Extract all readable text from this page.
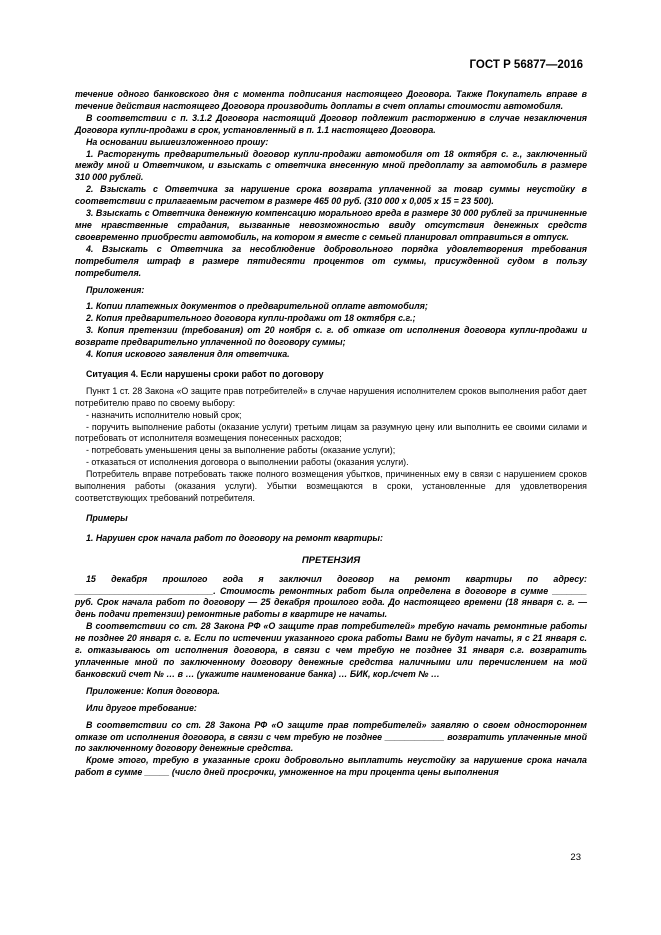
ГОСТ Р 56877—2016

течение одного банковского дня с момента подписания настоящего Договора. Также Покупатель вправе в течение действия настоящего Договора производить доплаты в счет оплаты стоимости автомобиля.

В соответствии с п. 3.1.2 Договора настоящий Договор подлежит расторжению в случае незаключения Договора купли-продажи в срок, установленный в п. 1.1 настоящего Договора.

На основании вышеизложенного прошу:

1. Расторгнуть предварительный договор купли-продажи автомобиля от 18 октября с. г., заключенный между мной и Ответчиком, и взыскать с ответчика внесенную мной предоплату за автомобиль в размере 310 000 рублей.

2. Взыскать с Ответчика за нарушение срока возврата уплаченной за товар суммы неустойку в соответствии с прилагаемым расчетом в размере 465 00 руб. (310 000 х 0,005 х 15 = 23 500).

3. Взыскать с Ответчика денежную компенсацию морального вреда в размере 30 000 рублей за причиненные мне нравственные страдания, вызванные невозможностью ввиду отсутствия денежных средств своевременно приобрести автомобиль, на котором я вместе с семьей планировал отправиться в отпуск.

4. Взыскать с Ответчика за несоблюдение добровольного порядка удовлетворения требования потребителя штраф в размере пятидесяти процентов от суммы, присужденной судом в пользу потребителя.

Приложения:

1. Копии платежных документов о предварительной оплате автомобиля;

2. Копия предварительного договора купли-продажи от 18 октября с.г.;

3. Копия претензии (требования) от 20 ноября с. г. об отказе от исполнения договора купли-продажи и возврате предварительно уплаченной по договору суммы;

4. Копия искового заявления для ответчика.

Ситуация 4. Если нарушены сроки работ по договору

Пункт 1 ст. 28 Закона «О защите прав потребителей» в случае нарушения исполнителем сроков выполнения работ дает потребителю право по своему выбору:

- назначить исполнителю новый срок;

- поручить выполнение работы (оказание услуги) третьим лицам за разумную цену или выполнить ее своими силами и потребовать от исполнителя возмещения понесенных расходов;

- потребовать уменьшения цены за выполнение работы (оказание услуги);

- отказаться от исполнения договора о выполнении работы (оказания услуги).

Потребитель вправе потребовать также полного возмещения убытков, причиненных ему в связи с нарушением сроков выполнения работы (оказания услуги). Убытки возмещаются в сроки, установленные для удовлетворения соответствующих требований потребителя.

Примеры

1. Нарушен срок начала работ по договору на ремонт квартиры:

ПРЕТЕНЗИЯ

15 декабря прошлого года я заключил договор на ремонт квартиры по адресу: ____________________________. Стоимость ремонтных работ была определена в договоре в сумме _______ руб. Срок начала работ по договору — 25 декабря прошлого года. До настоящего времени (18 января с. г. — день подачи претензии) ремонтные работы в квартире не начаты.

В соответствии со ст. 28 Закона РФ «О защите прав потребителей» требую начать ремонтные работы не позднее 20 января с. г. Если по истечении указанного срока работы Вами не будут начаты, я с 21 января с. г. отказываюсь от исполнения договора, в связи с чем требую не позднее 31 января с.г. возвратить уплаченные мной по заключенному договору денежные средства наличными или перечислением на мой банковский счет № … в … (укажите наименование банка) … БИК, кор./счет № …

Приложение: Копия договора.

Или другое требование:

В соответствии со ст. 28 Закона РФ «О защите прав потребителей» заявляю о своем одностороннем отказе от исполнения договора, в связи с чем требую не позднее ____________ возвратить уплаченные мной по заключенному договору денежные средства.

Кроме этого, требую в указанные сроки добровольно выплатить неустойку за нарушение срока начала работ в сумме _____ (число дней просрочки, умноженное на три процента цены выполнения

23
